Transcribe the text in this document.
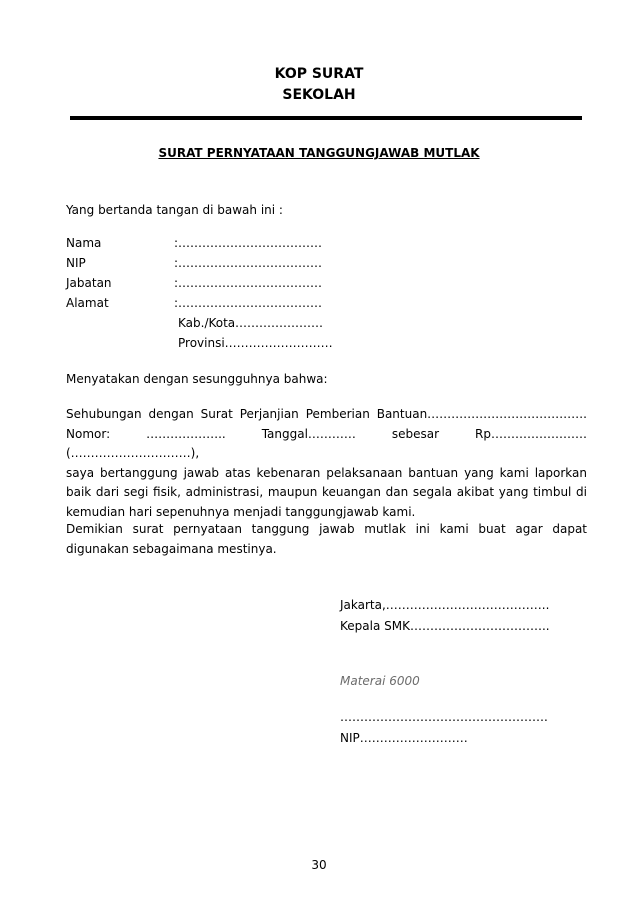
KOP SURAT
SEKOLAH
SURAT PERNYATAAN TANGGUNGJAWAB MUTLAK
Yang bertanda tangan di bawah ini :
Nama	:………………………………
NIP	:………………………………
Jabatan	:………………………………
Alamat	:………………………………
Kab./Kota.…………………
Provinsi………………………
Menyatakan dengan sesungguhnya bahwa:
Sehubungan dengan Surat Perjanjian Pemberian Bantuan………………………………….
Nomor: ……………….. Tanggal………… sebesar Rp…………………… (…………………………),
saya bertanggung jawab atas kebenaran pelaksanaan bantuan yang kami laporkan
baik dari segi fisik, administrasi, maupun keuangan dan segala akibat yang timbul di
kemudian hari sepenuhnya menjadi tanggungjawab kami.
Demikian surat pernyataan tanggung jawab mutlak ini kami buat agar dapat
digunakan sebagaimana mestinya.
Jakarta,…………………………………..
Kepala SMK……………………………..
Materai 6000
…………………………………………….
NIP………………………
30
